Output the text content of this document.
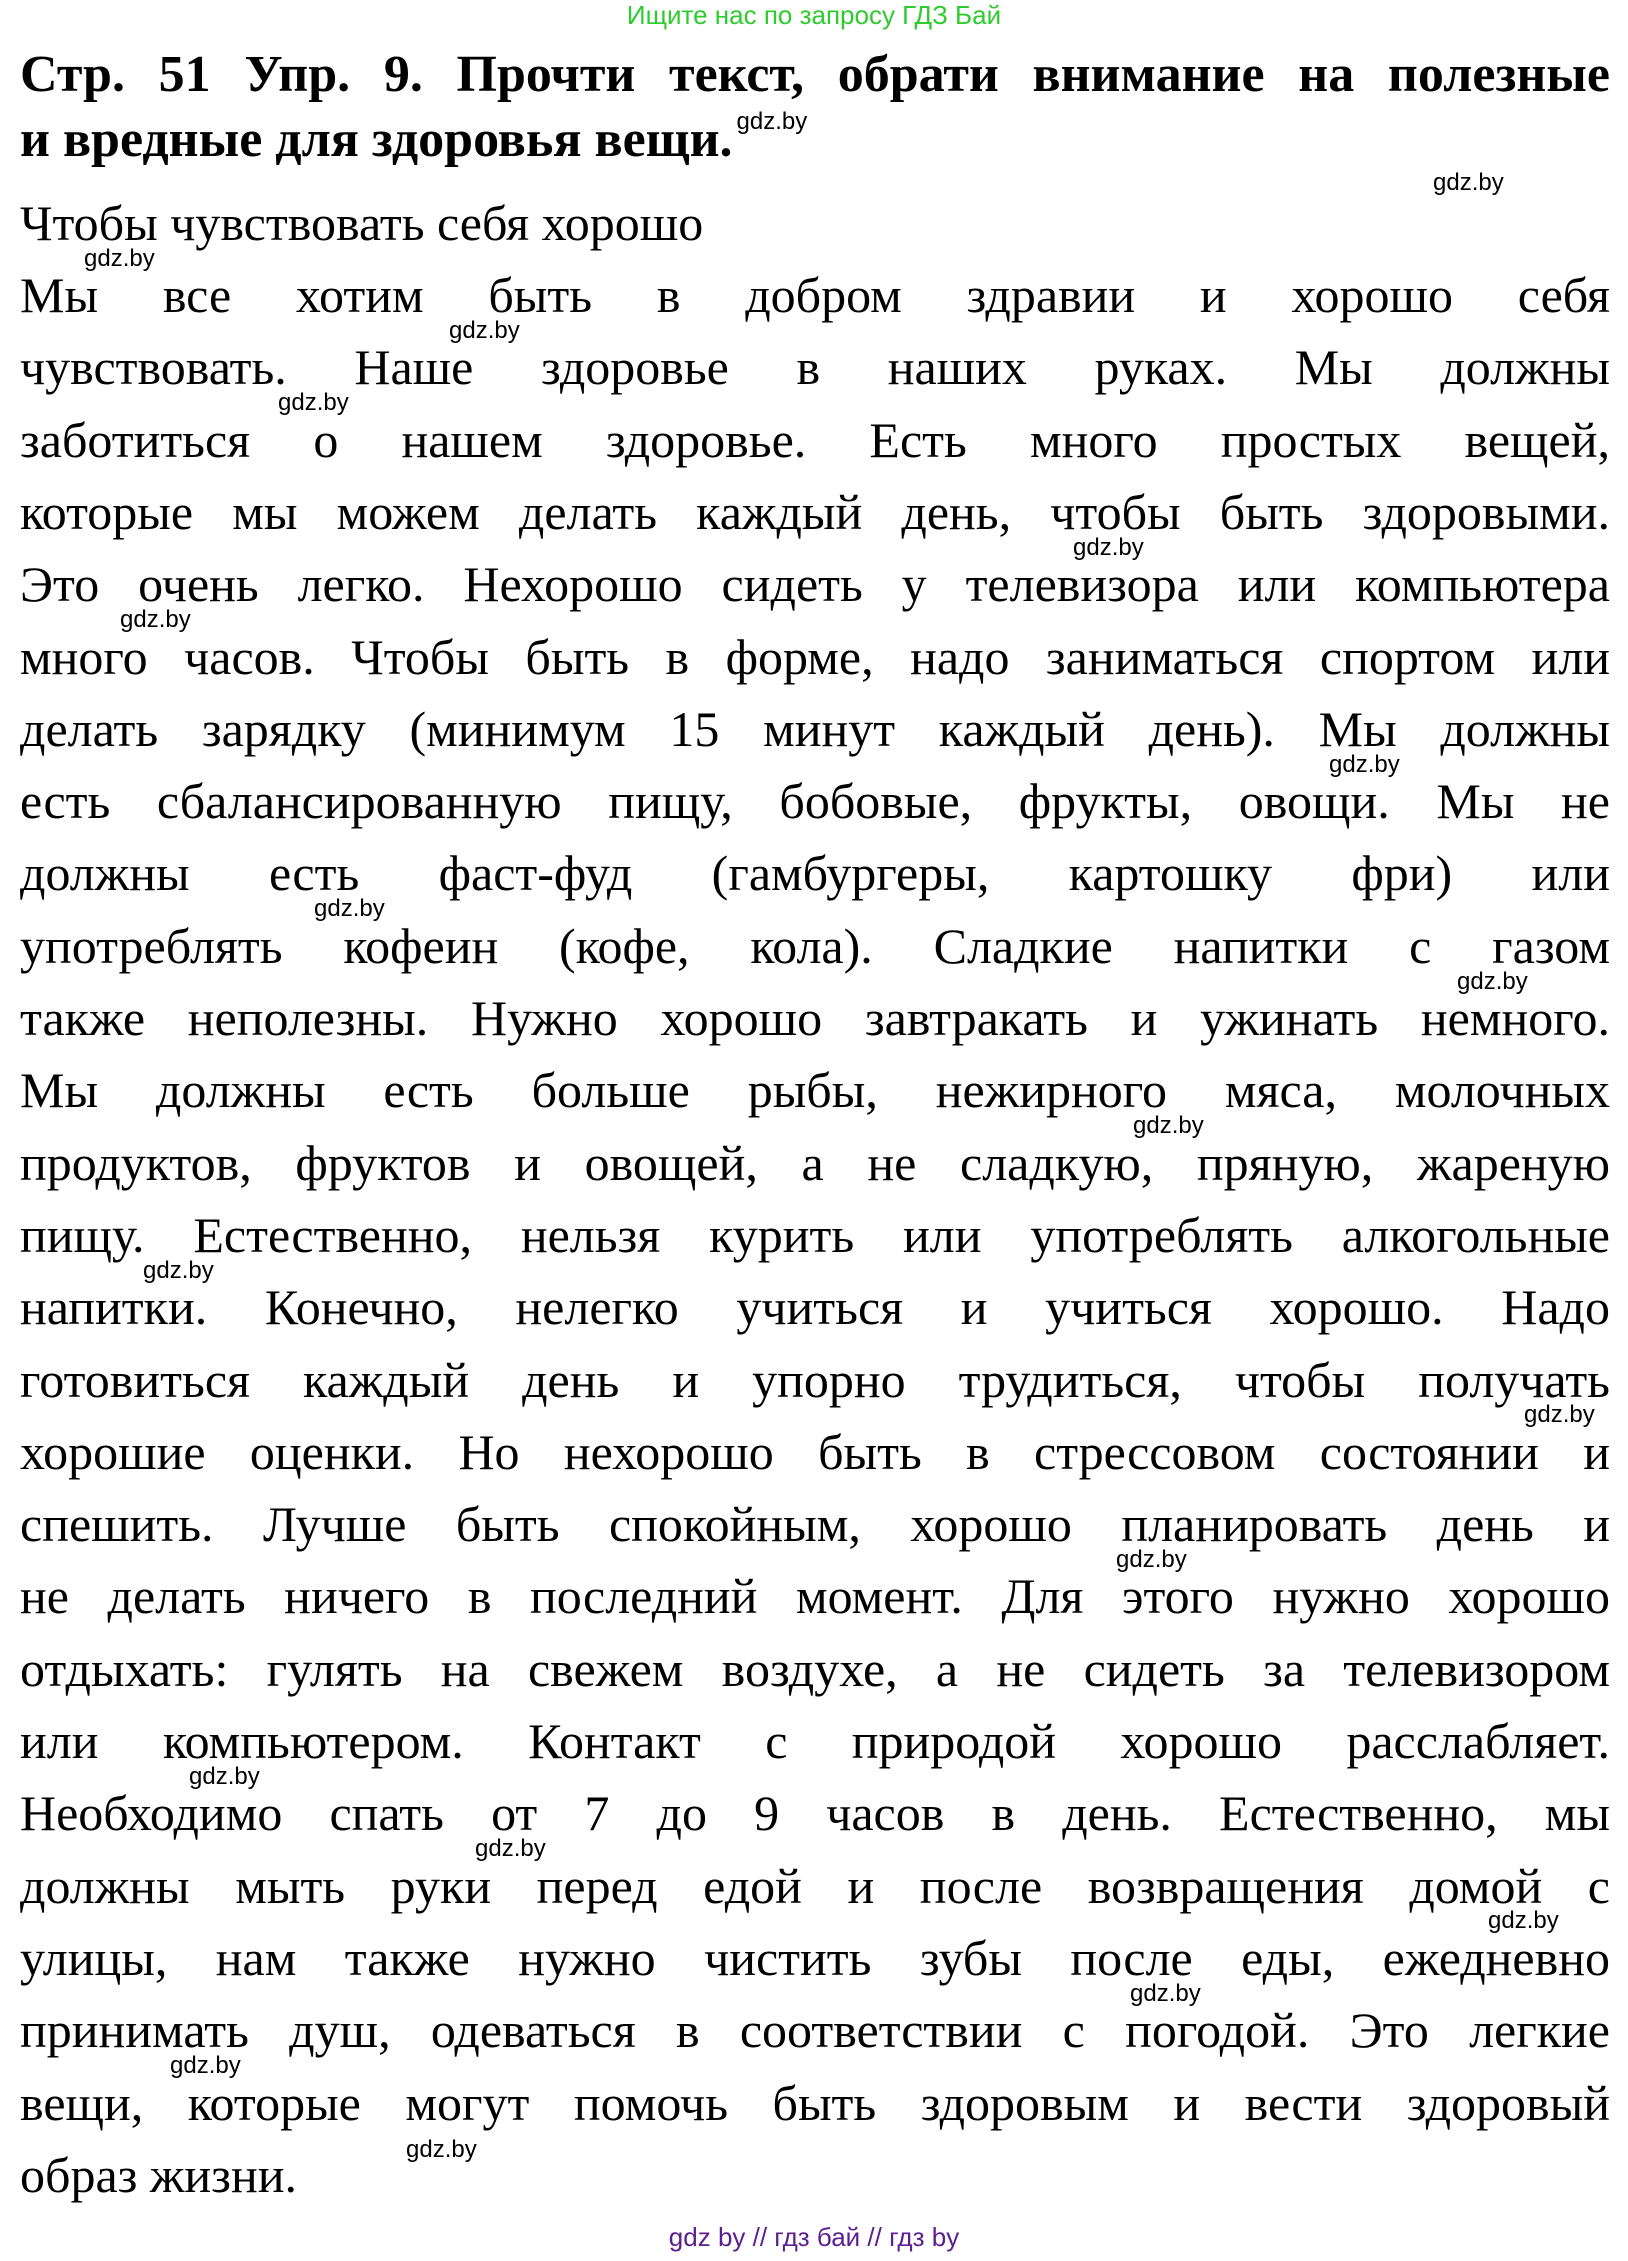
Ищите нас по запросу ГДЗ Бай
Стр. 51 Упр. 9. Прочти текст, обрати внимание на полезные
и вредные для здоровья вещи. $^{gdz.by}$
Чтобы чувствовать себя хорошо
Мы все хотим быть в добром здравии и хорошо себя
чувствовать. Наше здоровье в наших руках. Мы должны
заботиться о нашем здоровье. Есть много простых вещей,
которые мы можем делать каждый день, чтобы быть здоровыми.
Это очень легко. Нехорошо сидеть у телевизора или компьютера
много часов. Чтобы быть в форме, надо заниматься спортом или
делать зарядку (минимум 15 минут каждый день). Мы должны
есть сбалансированную пищу, бобовые, фрукты, овощи. Мы не
должны есть фаст-фуд (гамбургеры, картошку фри) или
употреблять кофеин (кофе, кола). Сладкие напитки с газом
также неполезны. Нужно хорошо завтракать и ужинать немного.
Мы должны есть больше рыбы, нежирного мяса, молочных
продуктов, фруктов и овощей, а не сладкую, пряную, жареную
пищу. Естественно, нельзя курить или употреблять алкогольные
напитки. Конечно, нелегко учиться и учиться хорошо. Надо
готовиться каждый день и упорно трудиться, чтобы получать
хорошие оценки. Но нехорошо быть в стрессовом состоянии и
спешить. Лучше быть спокойным, хорошо планировать день и
не делать ничего в последний момент. Для этого нужно хорошо
отдыхать: гулять на свежем воздухе, а не сидеть за телевизором
или компьютером. Контакт с природой хорошо расслабляет.
Необходимо спать от 7 до 9 часов в день. Естественно, мы
должны мыть руки перед едой и после возвращения домой с
улицы, нам также нужно чистить зубы после еды, ежедневно
принимать душ, одеваться в соответствии с погодой. Это легкие
вещи, которые могут помочь быть здоровым и вести здоровый
образ жизни.
gdz.by
gdz.by
gdz.by
gdz.by
gdz.by
gdz.by
gdz.by
gdz.by
gdz.by
gdz.by
gdz.by
gdz.by
gdz.by
gdz.by
gdz.by
gdz.by
gdz.by
gdz.by
gdz.by
gdz by // гдз бай // гдз by
